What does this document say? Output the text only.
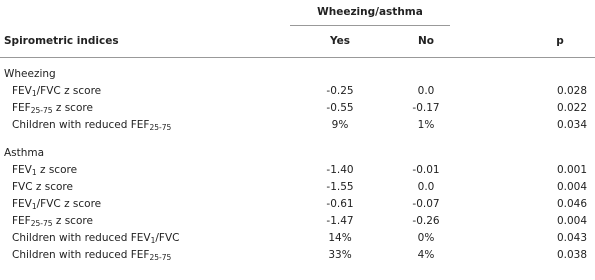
Wheezing/asthma
Spirometric indices	Yes	No	p
Wheezing
$FEV_1$/FVC z score	-0.25	0.0	0.028
$FEF_{25-75}$ z score	-0.55	-0.17	0.022
Children with reduced $FEF_{25-75}$	9%	1%	0.034
Asthma
$FEV_1$ z score	-1.40	-0.01	0.001
FVC z score	-1.55	0.0	0.004
$FEV_1$/FVC z score	-0.61	-0.07	0.046
$FEF_{25-75}$ z score	-1.47	-0.26	0.004
Children with reduced $FEV_1$/FVC	14%	0%	0.043
Children with reduced $FEF_{25-75}$	33%	4%	0.038
